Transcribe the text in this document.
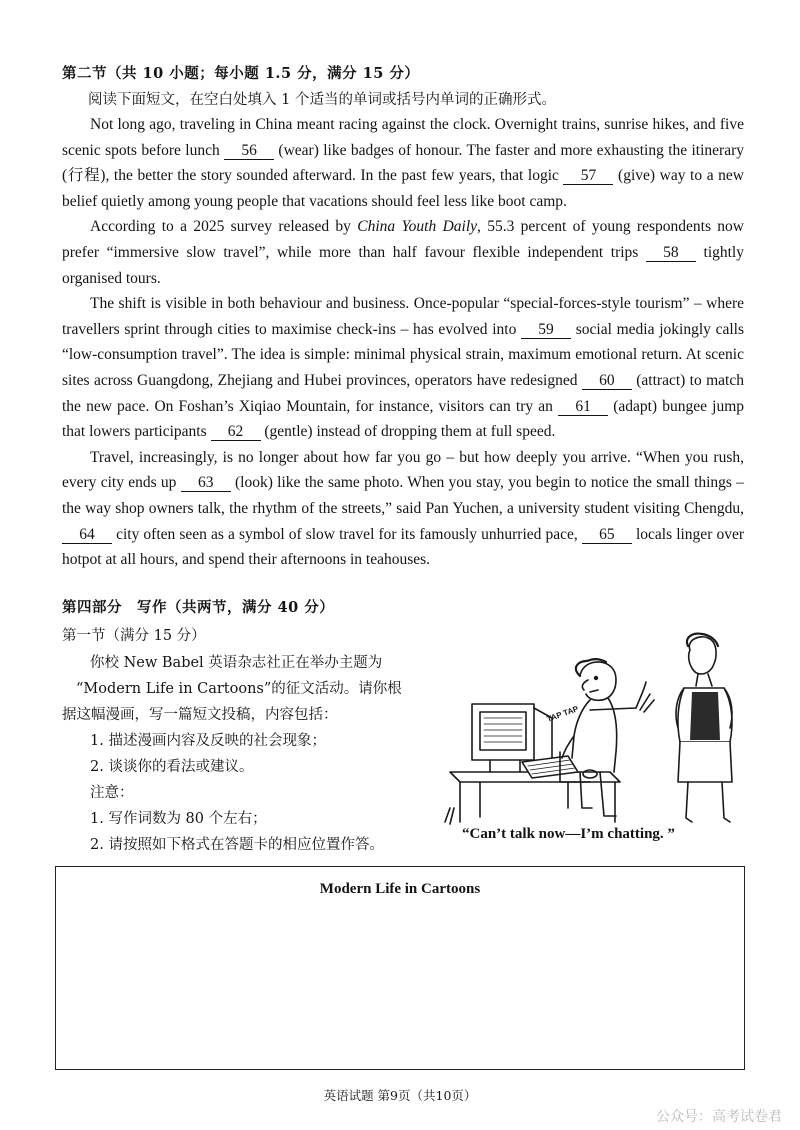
第二节（共 10 小题；每小题 1.5 分，满分 15 分）
阅读下面短文，在空白处填入 1 个适当的单词或括号内单词的正确形式。

Not long ago, traveling in China meant racing against the clock. Overnight trains, sunrise hikes, and five scenic spots before lunch 56 (wear) like badges of honour. The faster and more exhausting the itinerary (行程), the better the story sounded afterward. In the past few years, that logic 57 (give) way to a new belief quietly among young people that vacations should feel less like boot camp.

According to a 2025 survey released by China Youth Daily, 55.3 percent of young respondents now prefer “immersive slow travel”, while more than half favour flexible independent trips 58 tightly organised tours.

The shift is visible in both behaviour and business. Once-popular “special-forces-style tourism” – where travellers sprint through cities to maximise check-ins – has evolved into 59 social media jokingly calls “low-consumption travel”. The idea is simple: minimal physical strain, maximum emotional return. At scenic sites across Guangdong, Zhejiang and Hubei provinces, operators have redesigned 60 (attract) to match the new pace. On Foshan’s Xiqiao Mountain, for instance, visitors can try an 61 (adapt) bungee jump that lowers participants 62 (gentle) instead of dropping them at full speed.

Travel, increasingly, is no longer about how far you go – but how deeply you arrive. “When you rush, every city ends up 63 (look) like the same photo. When you stay, you begin to notice the small things – the way shop owners talk, the rhythm of the streets,” said Pan Yuchen, a university student visiting Chengdu, 64 city often seen as a symbol of slow travel for its famously unhurried pace, 65 locals linger over hotpot at all hours, and spend their afternoons in teahouses.

第四部分　写作（共两节，满分 40 分）
第一节（满分 15 分）

你校 New Babel 英语杂志社正在举办主题为

“Modern Life in Cartoons”的征文活动。请你根

据这幅漫画，写一篇短文投稿，内容包括：

1. 描述漫画内容及反映的社会现象；

2. 谈谈你的看法或建议。

注意：

1. 写作词数为 80 个左右；

2. 请按照如下格式在答题卡的相应位置作答。

TAP TAP
“Can’t talk now—I’m chatting. ”
Modern Life in Cartoons
英语试题 第9页（共10页）
公众号：高考试卷君
